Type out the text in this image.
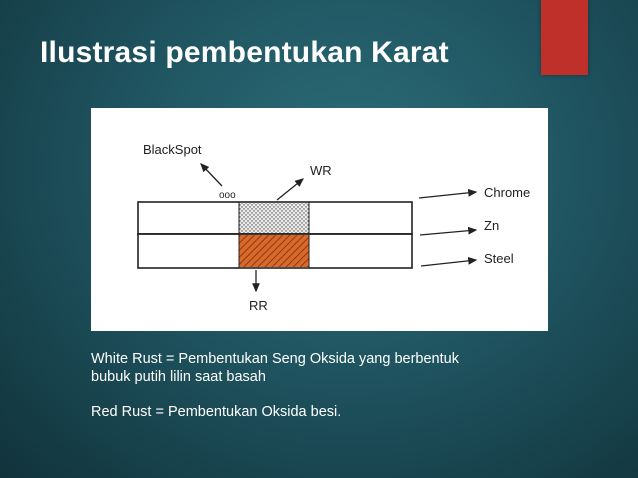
Ilustrasi pembentukan Karat
BlackSpot
ooo
WR
RR
Chrome
Zn
Steel

White Rust = Pembentukan Seng Oksida yang berbentuk

bubuk putih lilin saat basah

Red Rust = Pembentukan Oksida besi.
